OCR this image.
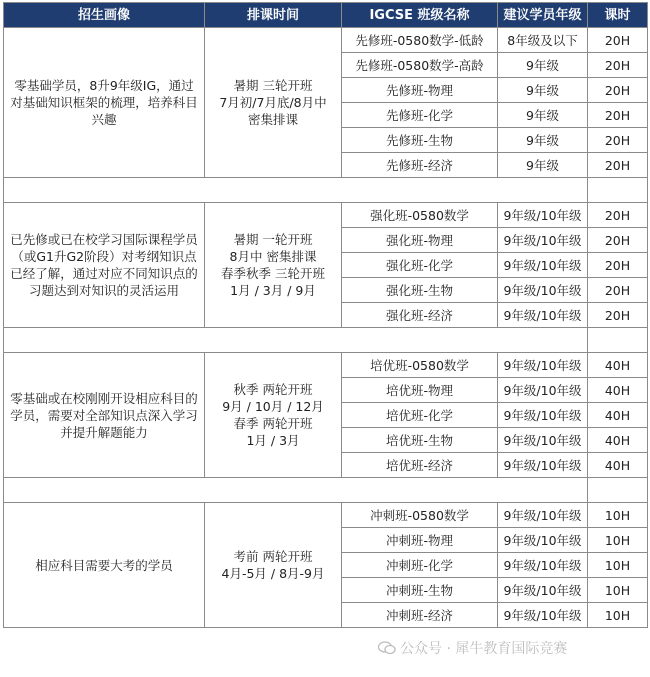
招生画像	排课时间	IGCSE 班级名称	建议学员年级	课时
零基础学员，8升9年级IG，通过对基础知识框架的梳理，培养科目兴趣	暑期 三轮开班
7月初/7月底/8月中
密集排课	先修班-0580数学-低龄	8年级及以下	20H
		先修班-0580数学-高龄	9年级	20H
		先修班-物理	9年级	20H
		先修班-化学	9年级	20H
		先修班-生物	9年级	20H
		先修班-经济	9年级	20H

已先修或已在校学习国际课程学员（或G1升G2阶段）对考纲知识点已经了解，通过对应不同知识点的习题达到对知识的灵活运用	暑期 一轮开班
8月中 密集排课
春季秋季 三轮开班
1月 / 3月 / 9月	强化班-0580数学	9年级/10年级	20H
		强化班-物理	9年级/10年级	20H
		强化班-化学	9年级/10年级	20H
		强化班-生物	9年级/10年级	20H
		强化班-经济	9年级/10年级	20H

零基础或在校刚刚开设相应科目的学员，需要对全部知识点深入学习并提升解题能力	秋季 两轮开班
9月 / 10月 / 12月
春季 两轮开班
1月 / 3月	培优班-0580数学	9年级/10年级	40H
		培优班-物理	9年级/10年级	40H
		培优班-化学	9年级/10年级	40H
		培优班-生物	9年级/10年级	40H
		培优班-经济	9年级/10年级	40H

相应科目需要大考的学员	考前 两轮开班
4月-5月 / 8月-9月	冲刺班-0580数学	9年级/10年级	10H
		冲刺班-物理	9年级/10年级	10H
		冲刺班-化学	9年级/10年级	10H
		冲刺班-生物	9年级/10年级	10H
		冲刺班-经济	9年级/10年级	10H
公众号 · 犀牛教育国际竞赛
